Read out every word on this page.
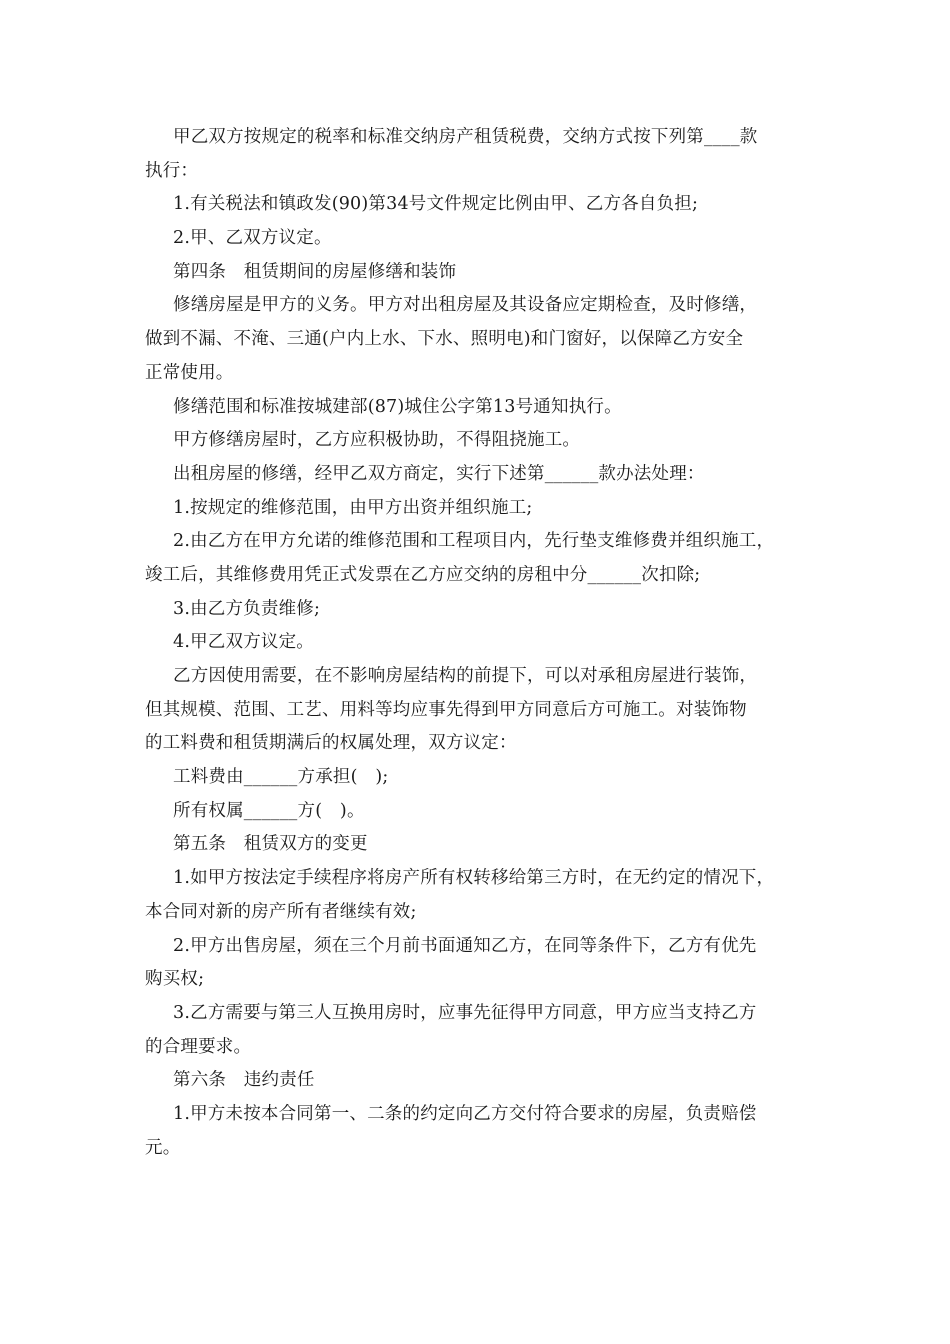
甲乙双方按规定的税率和标准交纳房产租赁税费，交纳方式按下列第____款
执行：
1.有关税法和镇政发(90)第34号文件规定比例由甲、乙方各自负担;
2.甲、乙双方议定。
第四条　租赁期间的房屋修缮和装饰
修缮房屋是甲方的义务。甲方对出租房屋及其设备应定期检查，及时修缮，
做到不漏、不淹、三通(户内上水、下水、照明电)和门窗好，以保障乙方安全
正常使用。
修缮范围和标准按城建部(87)城住公字第13号通知执行。
甲方修缮房屋时，乙方应积极协助，不得阻挠施工。
出租房屋的修缮，经甲乙双方商定，实行下述第______款办法处理：
1.按规定的维修范围，由甲方出资并组织施工;
2.由乙方在甲方允诺的维修范围和工程项目内，先行垫支维修费并组织施工，
竣工后，其维修费用凭正式发票在乙方应交纳的房租中分______次扣除;
3.由乙方负责维修;
4.甲乙双方议定。
乙方因使用需要，在不影响房屋结构的前提下，可以对承租房屋进行装饰，
但其规模、范围、工艺、用料等均应事先得到甲方同意后方可施工。对装饰物
的工料费和租赁期满后的权属处理，双方议定：
工料费由______方承担(　);
所有权属______方(　)。
第五条　租赁双方的变更
1.如甲方按法定手续程序将房产所有权转移给第三方时，在无约定的情况下，
本合同对新的房产所有者继续有效;
2.甲方出售房屋，须在三个月前书面通知乙方，在同等条件下，乙方有优先
购买权;
3.乙方需要与第三人互换用房时，应事先征得甲方同意，甲方应当支持乙方
的合理要求。
第六条　违约责任
1.甲方未按本合同第一、二条的约定向乙方交付符合要求的房屋，负责赔偿
元。
